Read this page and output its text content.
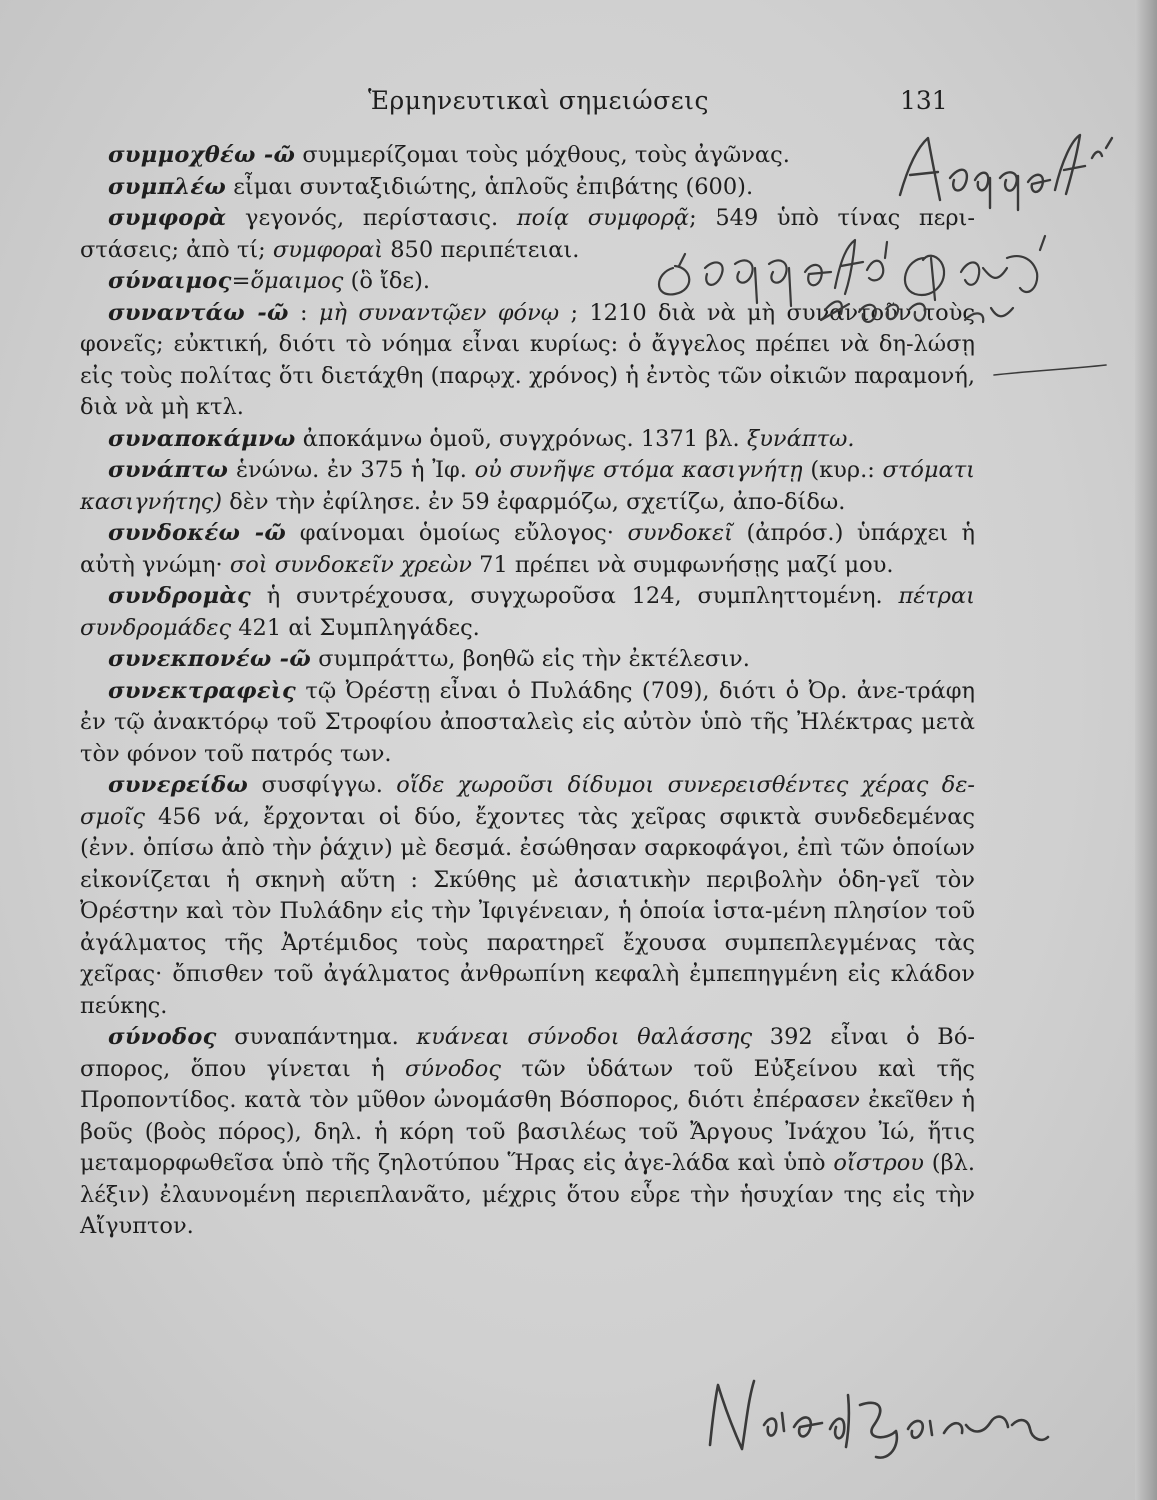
Ἑρμηνευτικαὶ σημειώσεις	131

συμμοχθέω -ῶ συμμερίζομαι τοὺς μόχθους, τοὺς ἀγῶνας.

συμπλέω εἶμαι συνταξιδιώτης, ἁπλοῦς ἐπιβάτης (600).

συμφορὰ γεγονός, περίστασις. ποίᾳ συμφορᾷ; 549 ὑπὸ τίνας περι-στάσεις; ἀπὸ τί; συμφοραὶ 850 περιπέτειαι.

σύναιμος=ὅμαιμος (ὃ ἴδε).

συναντάω -ῶ : μὴ συναντῷεν φόνῳ ; 1210 διὰ νὰ μὴ συναντοῦν τοὺς φονεῖς; εὐκτική, διότι τὸ νόημα εἶναι κυρίως: ὁ ἄγγελος πρέπει νὰ δη-λώσῃ εἰς τοὺς πολίτας ὅτι διετάχθη (παρῳχ. χρόνος) ἡ ἐντὸς τῶν οἰκιῶν παραμονή, διὰ νὰ μὴ κτλ.

συναποκάμνω ἀποκάμνω ὁμοῦ, συγχρόνως. 1371 βλ. ξυνάπτω.

συνάπτω ἑνώνω. ἐν 375 ἡ Ἰφ. οὐ συνῆψε στόμα κασιγνήτῃ (κυρ.: στόματι κασιγνήτης) δὲν τὴν ἐφίλησε. ἐν 59 ἐφαρμόζω, σχετίζω, ἀπο-δίδω.

συνδοκέω -ῶ φαίνομαι ὁμοίως εὔλογος· συνδοκεῖ (ἀπρόσ.) ὑπάρχει ἡ αὐτὴ γνώμη· σοὶ συνδοκεῖν χρεὼν 71 πρέπει νὰ συμφωνήσῃς μαζί μου.

συνδρομὰς ἡ συντρέχουσα, συγχωροῦσα 124, συμπληττομένη. πέτραι συνδρομάδες 421 αἱ Συμπληγάδες.

συνεκπονέω -ῶ συμπράττω, βοηθῶ εἰς τὴν ἐκτέλεσιν.

συνεκτραφεὶς τῷ Ὀρέστῃ εἶναι ὁ Πυλάδης (709), διότι ὁ Ὀρ. ἀνε-τράφη ἐν τῷ ἀνακτόρῳ τοῦ Στροφίου ἀποσταλεὶς εἰς αὐτὸν ὑπὸ τῆς Ἠλέκτρας μετὰ τὸν φόνον τοῦ πατρός των.

συνερείδω συσφίγγω. οἵδε χωροῦσι δίδυμοι συνερεισθέντες χέρας δε-σμοῖς 456 νά, ἔρχονται οἱ δύο, ἔχοντες τὰς χεῖρας σφικτὰ συνδεδεμένας (ἐνν. ὀπίσω ἀπὸ τὴν ῥάχιν) μὲ δεσμά. ἐσώθησαν σαρκοφάγοι, ἐπὶ τῶν ὁποίων εἰκονίζεται ἡ σκηνὴ αὕτη : Σκύθης μὲ ἀσιατικὴν περιβολὴν ὁδη-γεῖ τὸν Ὀρέστην καὶ τὸν Πυλάδην εἰς τὴν Ἰφιγένειαν, ἡ ὁποία ἱστα-μένη πλησίον τοῦ ἀγάλματος τῆς Ἀρτέμιδος τοὺς παρατηρεῖ ἔχουσα συμπεπλεγμένας τὰς χεῖρας· ὄπισθεν τοῦ ἀγάλματος ἀνθρωπίνη κεφαλὴ ἐμπεπηγμένη εἰς κλάδον πεύκης.

σύνοδος συναπάντημα. κυάνεαι σύνοδοι θαλάσσης 392 εἶναι ὁ Βό-σπορος, ὅπου γίνεται ἡ σύνοδος τῶν ὑδάτων τοῦ Εὐξείνου καὶ τῆς Προποντίδος. κατὰ τὸν μῦθον ὠνομάσθη Βόσπορος, διότι ἐπέρασεν ἐκεῖθεν ἡ βοῦς (βοὸς πόρος), δηλ. ἡ κόρη τοῦ βασιλέως τοῦ Ἄργους Ἰνάχου Ἰώ, ἥτις μεταμορφωθεῖσα ὑπὸ τῆς ζηλοτύπου Ἥρας εἰς ἀγε-λάδα καὶ ὑπὸ οἴστρου (βλ. λέξιν) ἐλαυνομένη περιεπλανᾶτο, μέχρις ὅτου εὗρε τὴν ἡσυχίαν της εἰς τὴν Αἴγυπτον.
